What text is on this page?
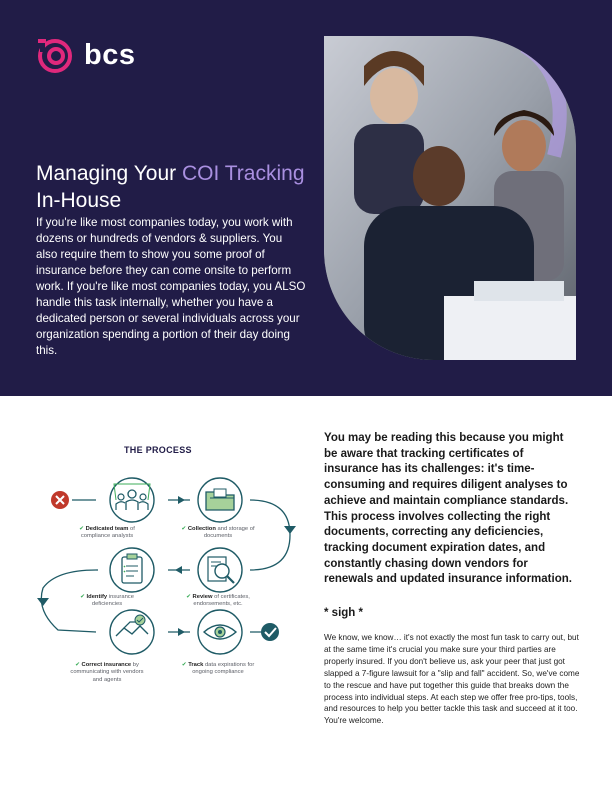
bcs
Managing Your COI Tracking In-House

If you're like most companies today, you work with dozens or hundreds of vendors & suppliers. You also require them to show you some proof of insurance before they can come onsite to perform work. If you're like most companies today, you ALSO handle this task internally, whether you have a dedicated person or several individuals across your organization spending a portion of their day doing this.

THE PROCESS
✔ Dedicated team of compliance analysts
✔ Collection and storage of documents
✔ Identify insurance deficiencies
✔ Review of certificates, endorsements, etc.
✔ Correct insurance by communicating with vendors and agents
✔ Track data expirations for ongoing compliance

You may be reading this because you might be aware that tracking certificates of insurance has its challenges: it's time-consuming and requires diligent analyses to achieve and maintain compliance standards. This process involves collecting the right documents, correcting any deficiencies, tracking document expiration dates, and constantly chasing down vendors for renewals and updated insurance information.

* sigh *

We know, we know… it's not exactly the most fun task to carry out, but at the same time it's crucial you make sure your third parties are properly insured. If you don't believe us, ask your peer that just got slapped a 7-figure lawsuit for a "slip and fall" accident. So, we've come to the rescue and have put together this guide that breaks down the process into individual steps. At each step we offer free pro-tips, tools, and resources to help you better tackle this task and succeed at it too. You're welcome.
